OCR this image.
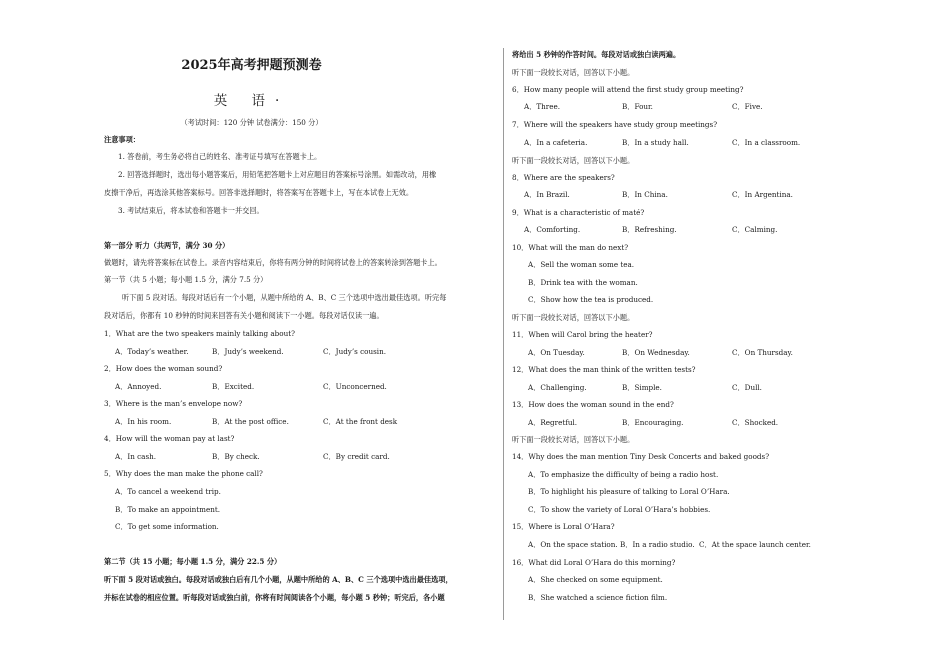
2025年高考押题预测卷
英 语·
（考试时间：120 分钟 试卷满分：150 分）
注意事项：
1. 答卷前，考生务必将自己的姓名、准考证号填写在答题卡上。
2. 回答选择题时，选出每小题答案后，用铅笔把答题卡上对应题目的答案标号涂黑。如需改动，用橡
皮擦干净后，再选涂其他答案标号。回答非选择题时，将答案写在答题卡上，写在本试卷上无效。
3. 考试结束后，将本试卷和答题卡一并交回。
第一部分 听力（共两节，满分 30 分）
做题时，请先将答案标在试卷上。录音内容结束后，你将有两分钟的时间将试卷上的答案转涂到答题卡上。
第一节（共 5 小题；每小题 1.5 分，满分 7.5 分）
听下面 5 段对话。每段对话后有一个小题，从题中所给的 A、B、C 三个选项中选出最佳选项。听完每
段对话后，你都有 10 秒钟的时间来回答有关小题和阅读下一小题。每段对话仅读一遍。
1．What are the two speakers mainly talking about?
A．Today’s weather.	B．Judy’s weekend.	C．Judy’s cousin.
2．How does the woman sound?
A．Annoyed.	B．Excited.	C．Unconcerned.
3．Where is the man’s envelope now?
A．In his room.	B．At the post office.	C．At the front desk
4．How will the woman pay at last?
A．In cash.	B．By check.	C．By credit card.
5．Why does the man make the phone call?
A．To cancel a weekend trip.
B．To make an appointment.
C．To get some information.
第二节（共 15 小题；每小题 1.5 分，满分 22.5 分）
听下面 5 段对话或独白。每段对话或独白后有几个小题，从题中所给的 A、B、C 三个选项中选出最佳选项，
并标在试卷的相应位置。听每段对话或独白前，你将有时间阅读各个小题，每小题 5 秒钟；听完后，各小题
将给出 5 秒钟的作答时间。每段对话或独白读两遍。
听下面一段较长对话，回答以下小题。
6．How many people will attend the first study group meeting?
A．Three.	B．Four.	C．Five.
7．Where will the speakers have study group meetings?
A．In a cafeteria.	B．In a study hall.	C．In a classroom.
听下面一段较长对话，回答以下小题。
8．Where are the speakers?
A．In Brazil.	B．In China.	C．In Argentina.
9．What is a characteristic of maté?
A．Comforting.	B．Refreshing.	C．Calming.
10．What will the man do next?
A．Sell the woman some tea.
B．Drink tea with the woman.
C．Show how the tea is produced.
听下面一段较长对话，回答以下小题。
11．When will Carol bring the heater?
A．On Tuesday.	B．On Wednesday.	C．On Thursday.
12．What does the man think of the written tests?
A．Challenging.	B．Simple.	C．Dull.
13．How does the woman sound in the end?
A．Regretful.	B．Encouraging.	C．Shocked.
听下面一段较长对话，回答以下小题。
14．Why does the man mention Tiny Desk Concerts and baked goods?
A．To emphasize the difficulty of being a radio host.
B．To highlight his pleasure of talking to Loral O’Hara.
C．To show the variety of Loral O’Hara’s hobbies.
15．Where is Loral O’Hara?
A．On the space station. B．In a radio studio. C．At the space launch center.
16．What did Loral O’Hara do this morning?
A．She checked on some equipment.
B．She watched a science fiction film.
